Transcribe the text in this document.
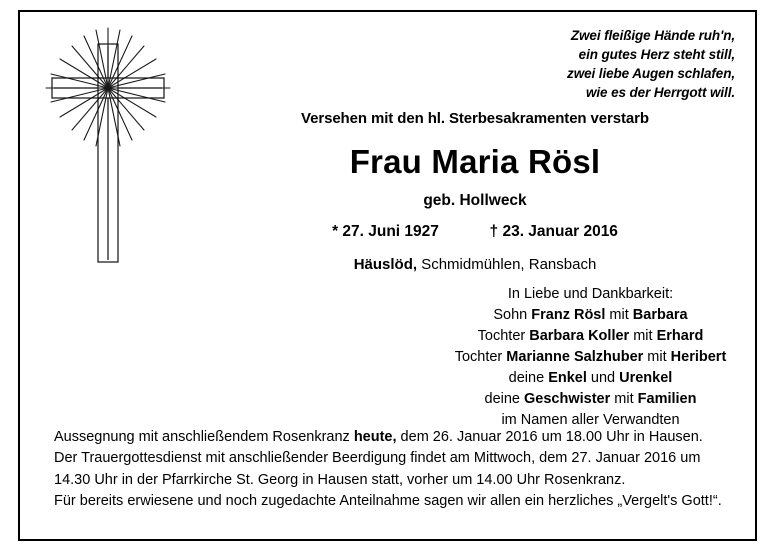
Zwei fleißige Hände ruh'n,
ein gutes Herz steht still,
zwei liebe Augen schlafen,
wie es der Herrgott will.
Versehen mit den hl. Sterbesakramenten verstarb
Frau Maria Rösl
geb. Hollweck
* 27. Juni 1927	† 23. Januar 2016
Häuslöd, Schmidmühlen, Ransbach
In Liebe und Dankbarkeit:
Sohn Franz Rösl mit Barbara
Tochter Barbara Koller mit Erhard
Tochter Marianne Salzhuber mit Heribert
deine Enkel und Urenkel
deine Geschwister mit Familien
im Namen aller Verwandten

Aussegnung mit anschließendem Rosenkranz heute, dem 26. Januar 2016 um 18.00 Uhr in Hausen. Der Trauergottesdienst mit anschließender Beerdigung findet am Mittwoch, dem 27. Januar 2016 um 14.30 Uhr in der Pfarrkirche St. Georg in Hausen statt, vorher um 14.00 Uhr Rosenkranz.

Für bereits erwiesene und noch zugedachte Anteilnahme sagen wir allen ein herzliches „Vergelt's Gott!“.
